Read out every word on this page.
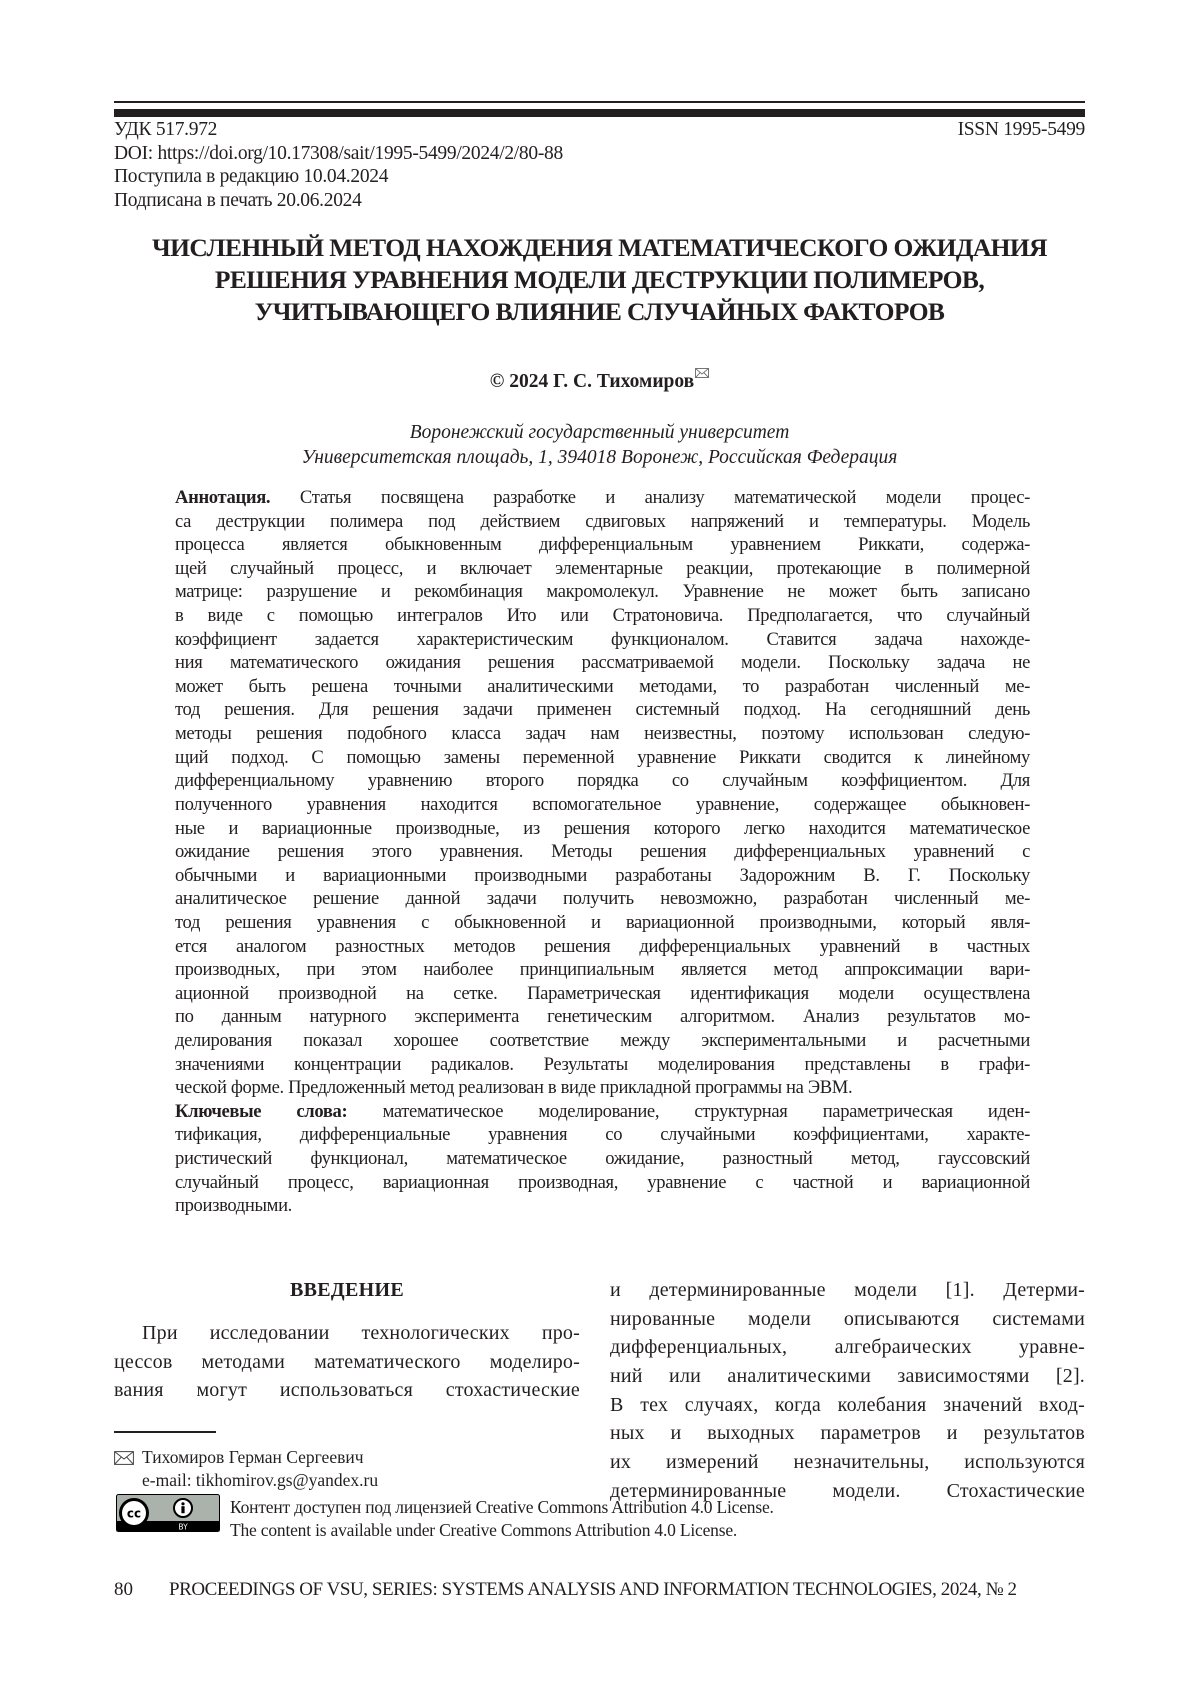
УДК 517.972
DOI: https://doi.org/10.17308/sait/1995-5499/2024/2/80-88
Поступила в редакцию 10.04.2024
Подписана в печать 20.06.2024
ISSN 1995-5499
ЧИСЛЕННЫЙ МЕТОД НАХОЖДЕНИЯ МАТЕМАТИЧЕСКОГО ОЖИДАНИЯ
РЕШЕНИЯ УРАВНЕНИЯ МОДЕЛИ ДЕСТРУКЦИИ ПОЛИМЕРОВ,
УЧИТЫВАЮЩЕГО ВЛИЯНИЕ СЛУЧАЙНЫХ ФАКТОРОВ
© 2024 Г. С. Тихомиров
Воронежский государственный университет
Университетская площадь, 1, 394018 Воронеж, Российская Федерация
Аннотация. Статья посвящена разработке и анализу математической модели процес-
са деструкции полимера под действием сдвиговых напряжений и температуры. Модель
процесса является обыкновенным дифференциальным уравнением Риккати, содержа-
щей случайный процесс, и включает элементарные реакции, протекающие в полимерной
матрице: разрушение и рекомбинация макромолекул. Уравнение не может быть записано
в виде с помощью интегралов Ито или Стратоновича. Предполагается, что случайный
коэффициент задается характеристическим функционалом. Ставится задача нахожде-
ния математического ожидания решения рассматриваемой модели. Поскольку задача не
может быть решена точными аналитическими методами, то разработан численный ме-
тод решения. Для решения задачи применен системный подход. На сегодняшний день
методы решения подобного класса задач нам неизвестны, поэтому использован следую-
щий подход. С помощью замены переменной уравнение Риккати сводится к линейному
дифференциальному уравнению второго порядка со случайным коэффициентом. Для
полученного уравнения находится вспомогательное уравнение, содержащее обыкновен-
ные и вариационные производные, из решения которого легко находится математическое
ожидание решения этого уравнения. Методы решения дифференциальных уравнений с
обычными и вариационными производными разработаны Задорожним В. Г. Поскольку
аналитическое решение данной задачи получить невозможно, разработан численный ме-
тод решения уравнения с обыкновенной и вариационной производными, который явля-
ется аналогом разностных методов решения дифференциальных уравнений в частных
производных, при этом наиболее принципиальным является метод аппроксимации вари-
ационной производной на сетке. Параметрическая идентификация модели осуществлена
по данным натурного эксперимента генетическим алгоритмом. Анализ результатов мо-
делирования показал хорошее соответствие между экспериментальными и расчетными
значениями концентрации радикалов. Результаты моделирования представлены в графи-
ческой форме. Предложенный метод реализован в виде прикладной программы на ЭВМ.
Ключевые слова: математическое моделирование, структурная параметрическая иден-
тификация, дифференциальные уравнения со случайными коэффициентами, характе-
ристический функционал, математическое ожидание, разностный метод, гауссовский
случайный процесс, вариационная производная, уравнение с частной и вариационной
производными.
ВВЕДЕНИЕ
При исследовании технологических про-
цессов методами математического моделиро-
вания могут использоваться стохастические
и детерминированные модели [1]. Детерми-
нированные модели описываются системами
дифференциальных, алгебраических уравне-
ний или аналитическими зависимостями [2].
В тех случаях, когда колебания значений вход-
ных и выходных параметров и результатов
их измерений незначительны, используются
детерминированные модели. Стохастические
Тихомиров Герман Сергеевич
e-mail: tikhomirov.gs@yandex.ru
cc
BY
Контент доступен под лицензией Creative Commons Attribution 4.0 License.
The content is available under Creative Commons Attribution 4.0 License.
80 PROCEEDINGS OF VSU, SERIES: SYSTEMS ANALYSIS AND INFORMATION TECHNOLOGIES, 2024, № 2
